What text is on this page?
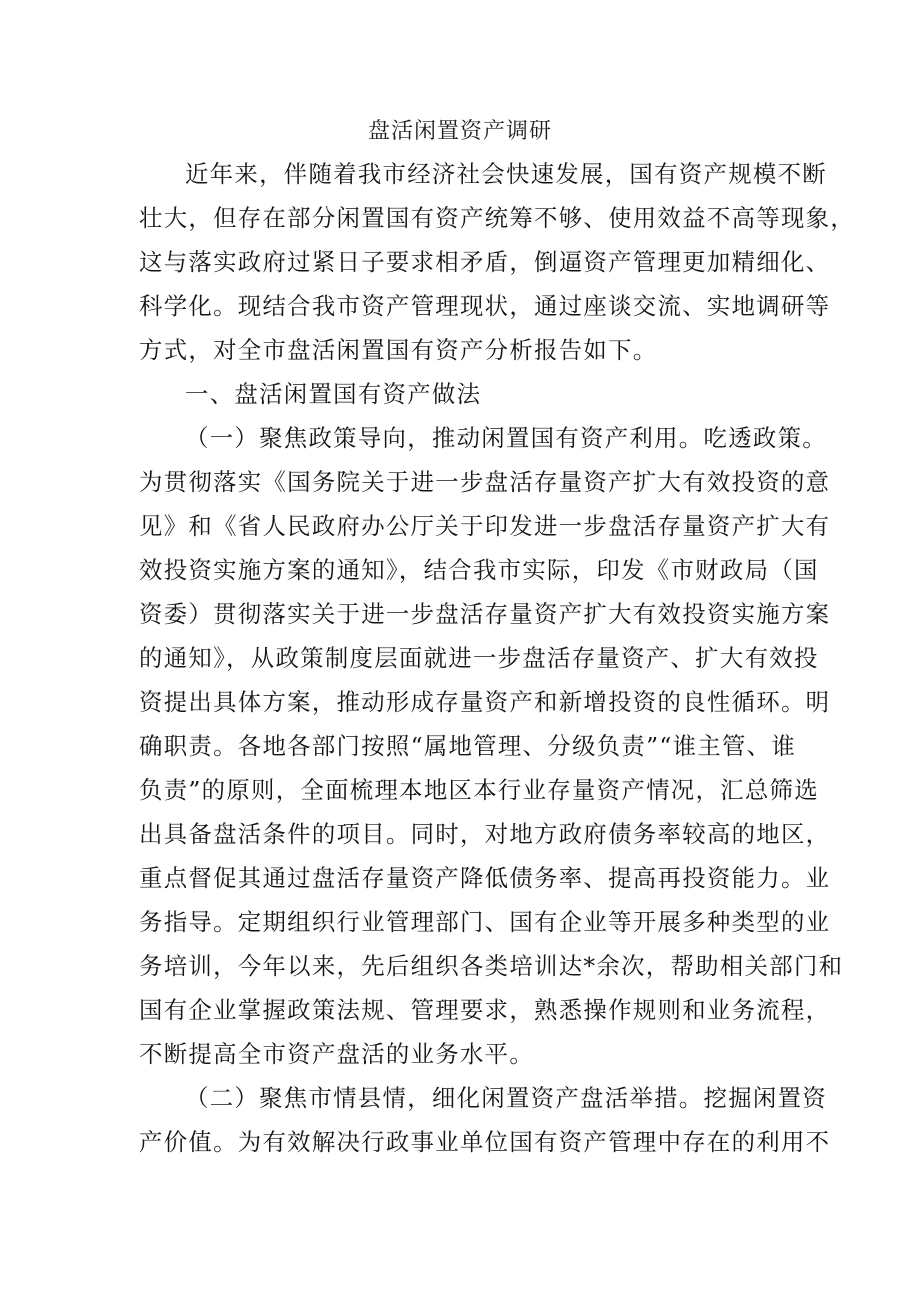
盘活闲置资产调研
近年来，伴随着我市经济社会快速发展，国有资产规模不断
壮大，但存在部分闲置国有资产统筹不够、使用效益不高等现象，
这与落实政府过紧日子要求相矛盾，倒逼资产管理更加精细化、
科学化。现结合我市资产管理现状，通过座谈交流、实地调研等
方式，对全市盘活闲置国有资产分析报告如下。
一、盘活闲置国有资产做法
（一）聚焦政策导向，推动闲置国有资产利用。吃透政策。
为贯彻落实《国务院关于进一步盘活存量资产扩大有效投资的意
见》和《省人民政府办公厅关于印发进一步盘活存量资产扩大有
效投资实施方案的通知》，结合我市实际，印发《市财政局（国
资委）贯彻落实关于进一步盘活存量资产扩大有效投资实施方案
的通知》，从政策制度层面就进一步盘活存量资产、扩大有效投
资提出具体方案，推动形成存量资产和新增投资的良性循环。明
确职责。各地各部门按照“属地管理、分级负责”“谁主管、谁
负责”的原则，全面梳理本地区本行业存量资产情况，汇总筛选
出具备盘活条件的项目。同时，对地方政府债务率较高的地区，
重点督促其通过盘活存量资产降低债务率、提高再投资能力。业
务指导。定期组织行业管理部门、国有企业等开展多种类型的业
务培训，今年以来，先后组织各类培训达*余次，帮助相关部门和
国有企业掌握政策法规、管理要求，熟悉操作规则和业务流程，
不断提高全市资产盘活的业务水平。
（二）聚焦市情县情，细化闲置资产盘活举措。挖掘闲置资
产价值。为有效解决行政事业单位国有资产管理中存在的利用不
